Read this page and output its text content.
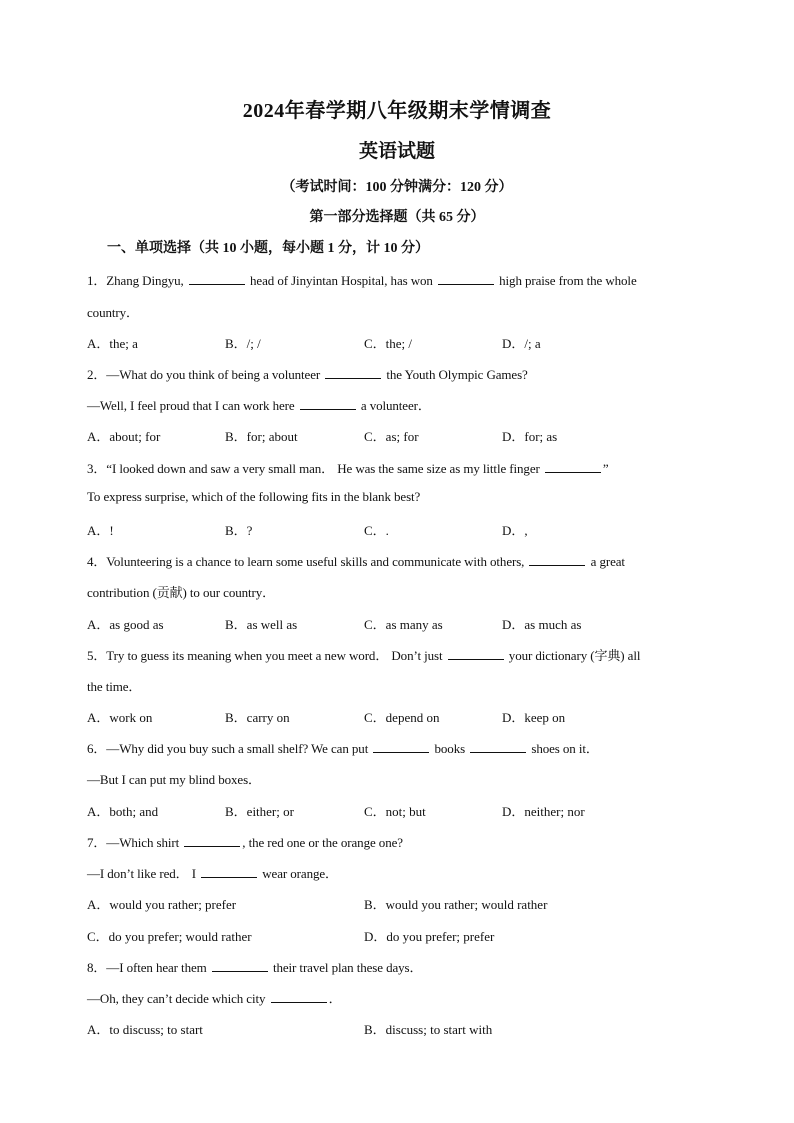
2024年春学期八年级期末学情调查
英语试题
（考试时间：100 分钟满分：120 分）
第一部分选择题（共 65 分）
一、单项选择（共 10 小题，每小题 1 分，计 10 分）
1．Zhang Dingyu,	head of Jinyintan Hospital, has won	high praise from the whole
country．
A．the; a	B．/; /	C．the; /	D．/; a
2．—What do you think of being a volunteer	the Youth Olympic Games?
—Well, I feel proud that I can work here	a volunteer．
A．about; for	B．for; about	C．as; for	D．for; as
3．“I looked down and saw a very small man． He was the same size as my little finger	”
To express surprise, which of the following fits in the blank best?
A．!	B．?	C．.	D．,
4．Volunteering is a chance to learn some useful skills and communicate with others,	a great
contribution (贡献) to our country．
A．as good as	B．as well as	C．as many as	D．as much as
5．Try to guess its meaning when you meet a new word． Don’t just	your dictionary (字典) all
the time．
A．work on	B．carry on	C．depend on	D．keep on
6．—Why did you buy such a small shelf? We can put	books	shoes on it．
—But I can put my blind boxes．
A．both; and	B．either; or	C．not; but	D．neither; nor
7．—Which shirt	, the red one or the orange one?
—I don’t like red． I	wear orange．
A．would you rather; prefer	B．would you rather; would rather
C．do you prefer; would rather	D．do you prefer; prefer
8．—I often hear them	their travel plan these days．
—Oh, they can’t decide which city	．
A．to discuss; to start	B．discuss; to start with
